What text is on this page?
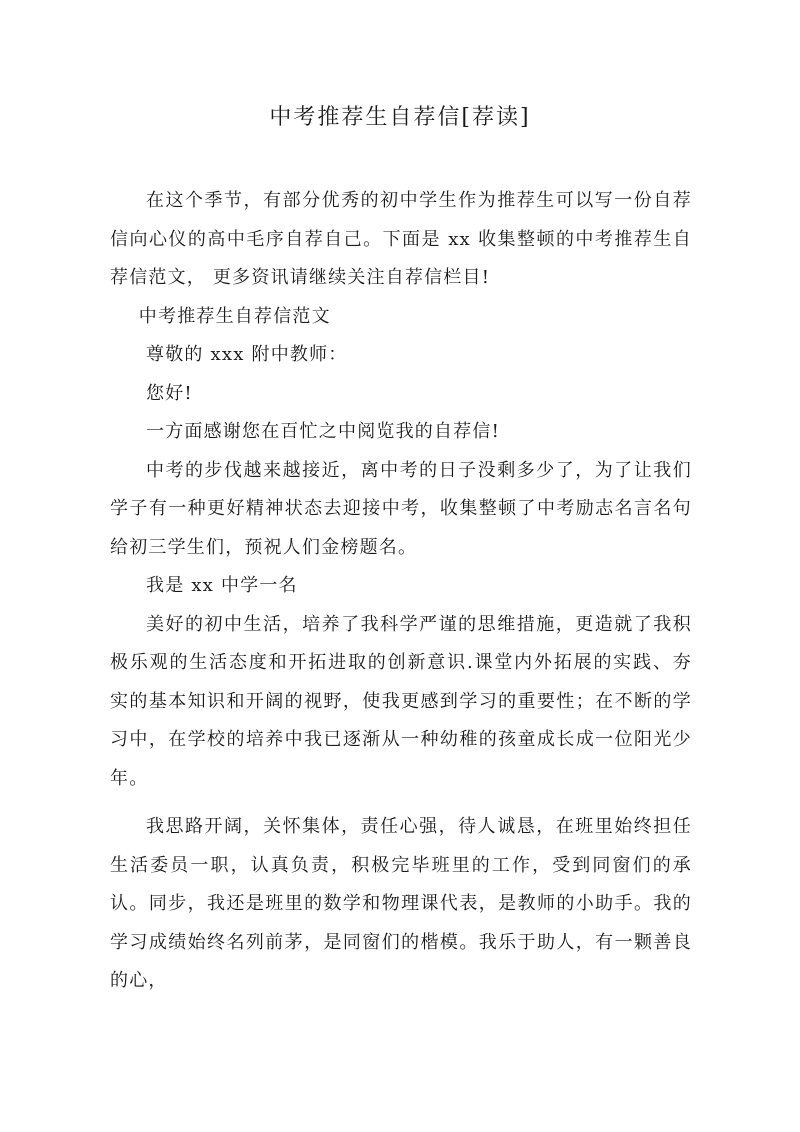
中考推荐生自荐信[荐读]

在这个季节，有部分优秀的初中学生作为推荐生可以写一份自荐信向心仪的高中毛序自荐自己。下面是 xx 收集整顿的中考推荐生自荐信范文， 更多资讯请继续关注自荐信栏目!

中考推荐生自荐信范文

尊敬的 xxx 附中教师：

您好!

一方面感谢您在百忙之中阅览我的自荐信!

中考的步伐越来越接近，离中考的日子没剩多少了，为了让我们学子有一种更好精神状态去迎接中考，收集整顿了中考励志名言名句给初三学生们，预祝人们金榜题名。

我是 xx 中学一名

美好的初中生活，培养了我科学严谨的思维措施，更造就了我积极乐观的生活态度和开拓进取的创新意识.课堂内外拓展的实践、夯实的基本知识和开阔的视野，使我更感到学习的重要性；在不断的学习中，在学校的培养中我已逐渐从一种幼稚的孩童成长成一位阳光少年。

我思路开阔，关怀集体，责任心强，待人诚恳，在班里始终担任生活委员一职，认真负责，积极完毕班里的工作，受到同窗们的承认。同步，我还是班里的数学和物理课代表，是教师的小助手。我的学习成绩始终名列前茅，是同窗们的楷模。我乐于助人，有一颗善良的心，
